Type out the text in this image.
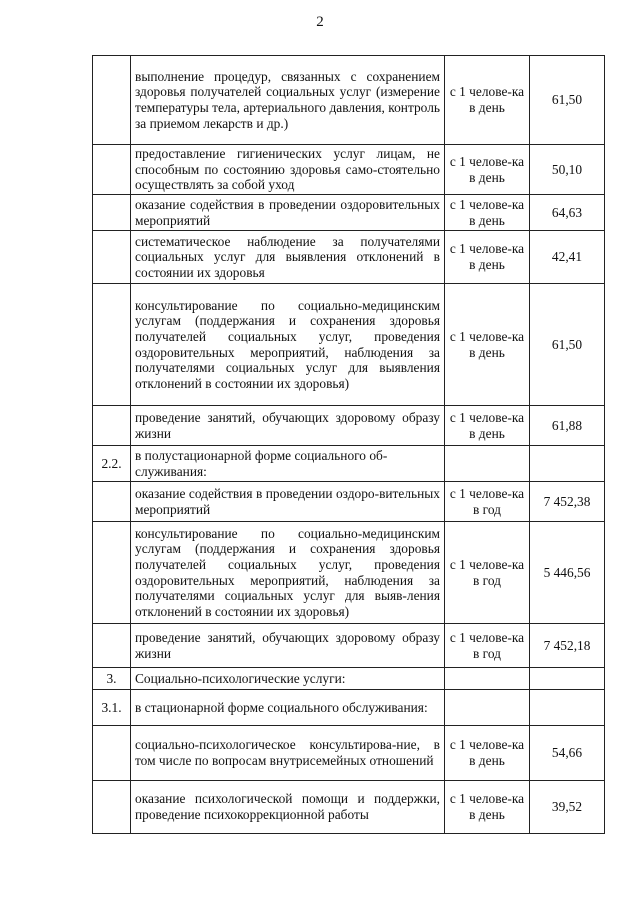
2
	выполнение процедур, связанных с сохранением здоровья получателей социальных услуг (измерение температуры тела, артериального давления, контроль за приемом лекарств и др.)	с 1 челове-ка в день	61,50
	предоставление гигиенических услуг лицам, не способным по состоянию здоровья само-стоятельно осуществлять за собой уход	с 1 челове-ка в день	50,10
	оказание содействия в проведении оздоровительных мероприятий	с 1 челове-ка в день	64,63
	систематическое наблюдение за получателями социальных услуг для выявления отклонений в состоянии их здоровья	с 1 челове-ка в день	42,41
	консультирование по социально-медицинским услугам (поддержания и сохранения здоровья получателей социальных услуг, проведения оздоровительных мероприятий, наблюдения за получателями социальных услуг для выявления отклонений в состоянии их здоровья)	с 1 челове-ка в день	61,50
	проведение занятий, обучающих здоровому образу жизни	с 1 челове-ка в день	61,88
2.2.	в полустационарной форме социального об-служивания:		
	оказание содействия в проведении оздоро-вительных мероприятий	с 1 челове-ка в год	7 452,38
	консультирование по социально-медицинским услугам (поддержания и сохранения здоровья получателей социальных услуг, проведения оздоровительных мероприятий, наблюдения за получателями социальных услуг для выяв-ления отклонений в состоянии их здоровья)	с 1 челове-ка в год	5 446,56
	проведение занятий, обучающих здоровому образу жизни	с 1 челове-ка в год	7 452,18
3.	Социально-психологические услуги:		
3.1.	в стационарной форме социального обслуживания:		
	социально-психологическое консультирова-ние, в том числе по вопросам внутрисемейных отношений	с 1 челове-ка в день	54,66
	оказание психологической помощи и поддержки, проведение психокоррекционной работы	с 1 челове-ка в день	39,52
